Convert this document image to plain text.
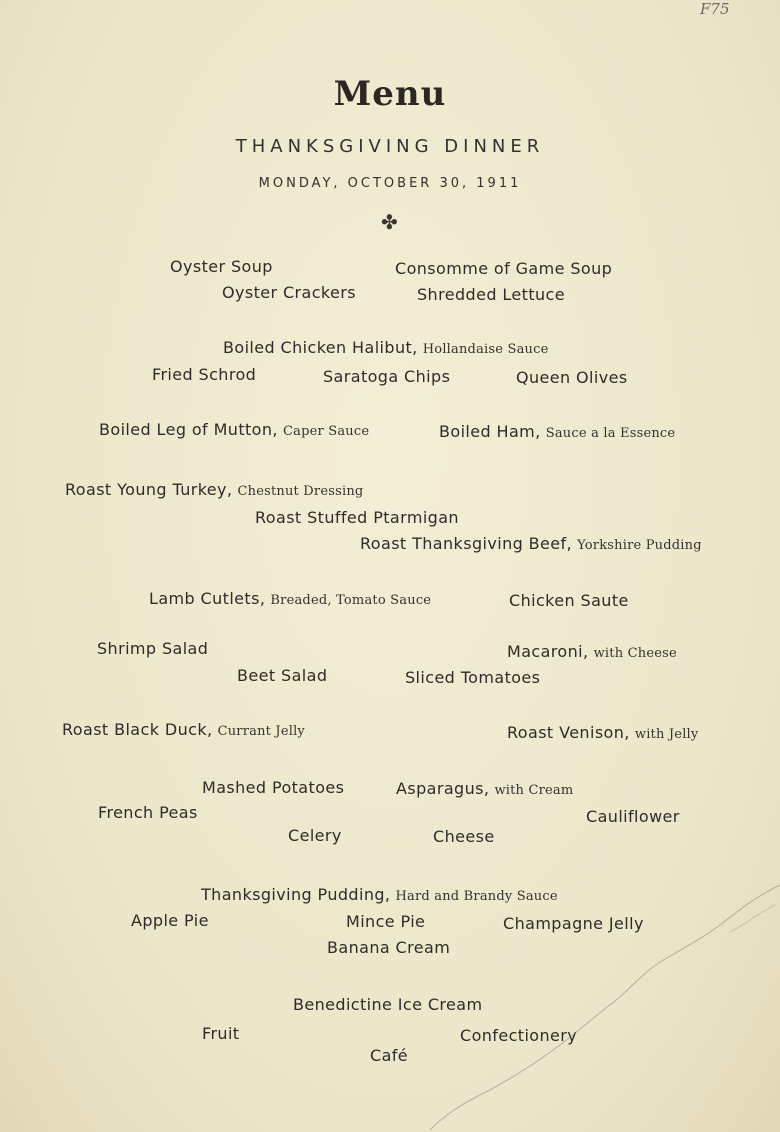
F75
Menu
THANKSGIVING DINNER
MONDAY, OCTOBER 30, 1911
✤
Oyster Soup	Consomme of Game Soup
Oyster Crackers	Shredded Lettuce
Boiled Chicken Halibut, Hollandaise Sauce
Fried Schrod	Saratoga Chips	Queen Olives
Boiled Leg of Mutton, Caper Sauce	Boiled Ham, Sauce a la Essence
Roast Young Turkey, Chestnut Dressing
Roast Stuffed Ptarmigan
Roast Thanksgiving Beef, Yorkshire Pudding
Lamb Cutlets, Breaded, Tomato Sauce	Chicken Saute
Shrimp Salad	Macaroni, with Cheese
Beet Salad	Sliced Tomatoes
Roast Black Duck, Currant Jelly	Roast Venison, with Jelly
Mashed Potatoes	Asparagus, with Cream
French Peas	Cauliflower
Celery	Cheese
Thanksgiving Pudding, Hard and Brandy Sauce
Apple Pie	Mince Pie	Champagne Jelly
Banana Cream
Benedictine Ice Cream
Fruit	Confectionery
Café
